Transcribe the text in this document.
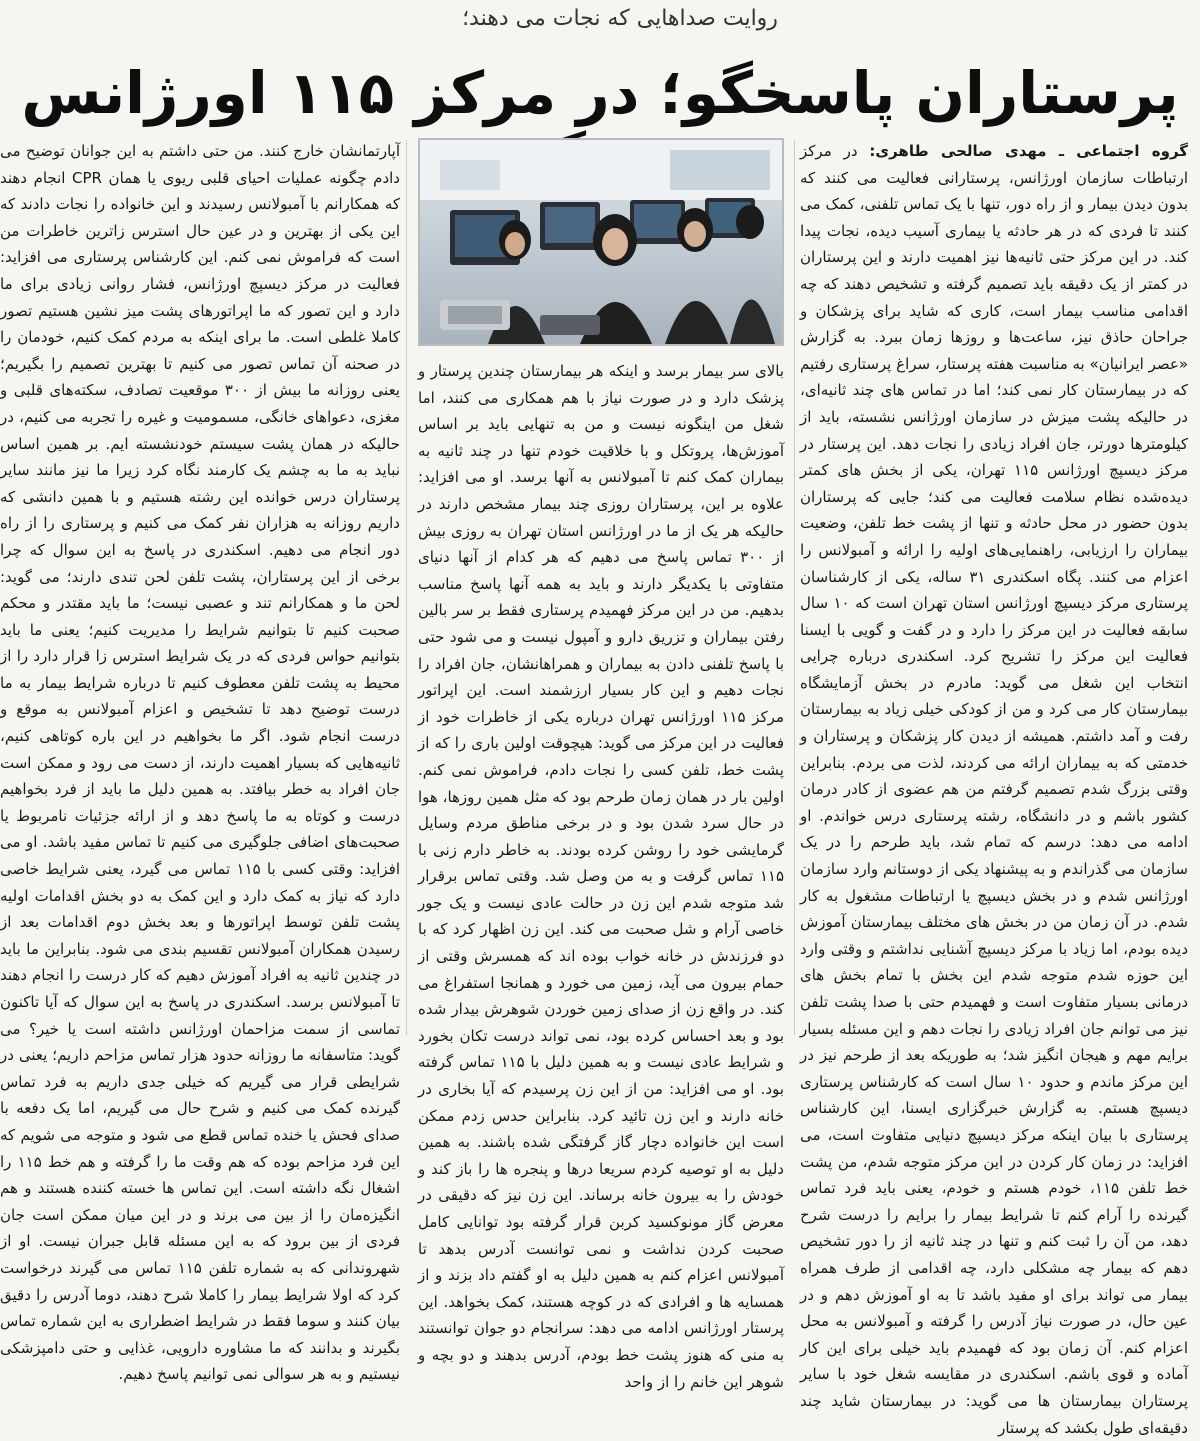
روایت صداهایی که نجات می دهند؛
پرستاران پاسخگو؛ در مرکز ۱۱۵ اورژانس

گروه اجتماعی ـ مهدی صالحی طاهری: در مرکز ارتباطات سازمان اورژانس، پرستارانی فعالیت می کنند که بدون دیدن بیمار و از راه دور، تنها با یک تماس تلفنی، کمک می کنند تا فردی که در هر حادثه یا بیماری آسیب دیده، نجات پیدا کند. در این مرکز حتی ثانیه‌ها نیز اهمیت دارند و این پرستاران در کمتر از یک دقیقه باید تصمیم گرفته و تشخیص دهند که چه اقدامی مناسب بیمار است، کاری که شاید برای پزشکان و جراحان حاذق نیز، ساعت‌ها و روزها زمان ببرد. به گزارش «عصر ایرانیان» به مناسبت هفته پرستار، سراغ پرستاری رفتیم که در بیمارستان کار نمی کند؛ اما در تماس های چند ثانیه‌ای، در حالیکه پشت میزش در سازمان اورژانس نشسته، باید از کیلومترها دورتر، جان افراد زیادی را نجات دهد. این پرستار در مرکز دیسپچ اورژانس ۱۱۵ تهران، یکی از بخش های کمتر دیده‌شده نظام سلامت فعالیت می کند؛ جایی که پرستاران بدون حضور در محل حادثه و تنها از پشت خط تلفن، وضعیت بیماران را ارزیابی، راهنمایی‌های اولیه را ارائه و آمبولانس را اعزام می کنند. پگاه اسکندری ۳۱ ساله، یکی از کارشناسان پرستاری مرکز دیسپچ اورژانس استان تهران است که ۱۰ سال سابقه فعالیت در این مرکز را دارد و در گفت و گویی با ایسنا فعالیت این مرکز را تشریح کرد. اسکندری درباره چرایی انتخاب این شغل می گوید: مادرم در بخش آزمایشگاه بیمارستان کار می کرد و من از کودکی خیلی زیاد به بیمارستان رفت و آمد داشتم. همیشه از دیدن کار پزشکان و پرستاران و خدمتی که به بیماران ارائه می کردند، لذت می بردم. بنابراین وقتی بزرگ شدم تصمیم گرفتم من هم عضوی از کادر درمان کشور باشم و در دانشگاه، رشته پرستاری درس خواندم. او ادامه می دهد: درسم که تمام شد، باید طرحم را در یک سازمان می گذراندم و به پیشنهاد یکی از دوستانم وارد سازمان اورژانس شدم و در بخش دیسپچ یا ارتباطات مشغول به کار شدم. در آن زمان من در بخش های مختلف بیمارستان آموزش دیده بودم، اما زیاد با مرکز دیسپچ آشنایی نداشتم و وقتی وارد این حوزه شدم متوجه شدم این بخش با تمام بخش های درمانی بسیار متفاوت است و فهمیدم حتی با صدا پشت تلفن نیز می توانم جان افراد زیادی را نجات دهم و این مسئله بسیار برایم مهم و هیجان انگیز شد؛ به طوریکه بعد از طرحم نیز در این مرکز ماندم و حدود ۱۰ سال است که کارشناس پرستاری دیسپچ هستم. به گزارش خبرگزاری ایسنا، این کارشناس پرستاری با بیان اینکه مرکز دیسپچ دنیایی متفاوت است، می افزاید: در زمان کار کردن در این مرکز متوجه شدم، من پشت خط تلفن ۱۱۵، خودم هستم و خودم، یعنی باید فرد تماس گیرنده را آرام کنم تا شرایط بیمار را برایم را درست شرح دهد، من آن را ثبت کنم و تنها در چند ثانیه از را دور تشخیص دهم که بیمار چه مشکلی دارد، چه اقدامی از طرف همراه بیمار می تواند برای او مفید باشد تا به او آموزش دهم و در عین حال، در صورت نیاز آدرس را گرفته و آمبولانس به محل اعزام کنم. آن زمان بود که فهمیدم باید خیلی برای این کار آماده و قوی باشم. اسکندری در مقایسه شغل خود با سایر پرستاران بیمارستان ها می گوید: در بیمارستان شاید چند دقیقه‌ای طول بکشد که پرستار

بالای سر بیمار برسد و اینکه هر بیمارستان چندین پرستار و پزشک دارد و در صورت نیاز با هم همکاری می کنند، اما شغل من اینگونه نیست و من به تنهایی باید بر اساس آموزش‌ها، پروتکل و با خلاقیت خودم تنها در چند ثانیه به بیماران کمک کنم تا آمبولانس به آنها برسد. او می افزاید: علاوه بر این، پرستاران روزی چند بیمار مشخص دارند در حالیکه هر یک از ما در اورژانس استان تهران به روزی بیش از ۳۰۰ تماس پاسخ می دهیم که هر کدام از آنها دنیای متفاوتی با یکدیگر دارند و باید به همه آنها پاسخ مناسب بدهیم. من در این مرکز فهمیدم پرستاری فقط بر سر بالین رفتن بیماران و تزریق دارو و آمپول نیست و می شود حتی با پاسخ تلفنی دادن به بیماران و همراهانشان، جان افراد را نجات دهیم و این کار بسیار ارزشمند است. این اپراتور مرکز ۱۱۵ اورژانس تهران درباره یکی از خاطرات خود از فعالیت در این مرکز می گوید: هیچوقت اولین باری را که از پشت خط، تلفن کسی را نجات دادم، فراموش نمی کنم. اولین بار در همان زمان طرحم بود که مثل همین روزها، هوا در حال سرد شدن بود و در برخی مناطق مردم وسایل گرمایشی خود را روشن کرده بودند. به خاطر دارم زنی با ۱۱۵ تماس گرفت و به من وصل شد. وقتی تماس برقرار شد متوجه شدم این زن در حالت عادی نیست و یک جور خاصی آرام و شل صحبت می کند. این زن اظهار کرد که با دو فرزندش در خانه خواب بوده اند که همسرش وقتی از حمام بیرون می آید، زمین می خورد و همانجا استفراغ می کند. در واقع زن از صدای زمین خوردن شوهرش بیدار شده بود و بعد احساس کرده بود، نمی تواند درست تکان بخورد و شرایط عادی نیست و به همین دلیل با ۱۱۵ تماس گرفته بود. او می افزاید: من از این زن پرسیدم که آیا بخاری در خانه دارند و این زن تائید کرد. بنابراین حدس زدم ممکن است این خانواده دچار گاز گرفتگی شده باشند. به همین دلیل به او توصیه کردم سریعا درها و پنجره ها را باز کند و خودش را به بیرون خانه برساند. این زن نیز که دقیقی در معرض گاز مونوکسید کربن قرار گرفته بود توانایی کامل صحبت کردن نداشت و نمی توانست آدرس بدهد تا آمبولانس اعزام کنم به همین دلیل به او گفتم داد بزند و از همسایه ها و افرادی که در کوچه هستند، کمک بخواهد. این پرستار اورژانس ادامه می دهد: سرانجام دو جوان توانستند به منی که هنوز پشت خط بودم، آدرس بدهند و دو بچه و شوهر این خانم را از واحد

آپارتمانشان خارج کنند. من حتی داشتم به این جوانان توضیح می دادم چگونه عملیات احیای قلبی ریوی یا همان CPR انجام دهند که همکارانم با آمبولانس رسیدند و این خانواده را نجات دادند که این یکی از بهترین و در عین حال استرس زاترین خاطرات من است که فراموش نمی کنم. این کارشناس پرستاری می افزاید: فعالیت در مرکز دیسپچ اورژانس، فشار روانی زیادی برای ما دارد و این تصور که ما اپراتورهای پشت میز نشین هستیم تصور کاملا غلطی است. ما برای اینکه به مردم کمک کنیم، خودمان را در صحنه آن تماس تصور می کنیم تا بهترین تصمیم را بگیریم؛ یعنی روزانه ما بیش از ۳۰۰ موقعیت تصادف، سکته‌های قلبی و مغزی، دعواهای خانگی، مسمومیت و غیره را تجربه می کنیم، در حالیکه در همان پشت سیستم خودنشسته ایم. بر همین اساس نباید به ما به چشم یک کارمند نگاه کرد زیرا ما نیز مانند سایر پرستاران درس خوانده این رشته هستیم و با همین دانشی که داریم روزانه به هزاران نفر کمک می کنیم و پرستاری را از راه دور انجام می دهیم. اسکندری در پاسخ به این سوال که چرا برخی از این پرستاران، پشت تلفن لحن تندی دارند؛ می گوید: لحن ما و همکارانم تند و عصبی نیست؛ ما باید مقتدر و محکم صحبت کنیم تا بتوانیم شرایط را مدیریت کنیم؛ یعنی ما باید بتوانیم حواس فردی که در یک شرایط استرس زا قرار دارد را از محیط به پشت تلفن معطوف کنیم تا درباره شرایط بیمار به ما درست توضیح دهد تا تشخیص و اعزام آمبولانس به موقع و درست انجام شود. اگر ما بخواهیم در این باره کوتاهی کنیم، ثانیه‌هایی که بسیار اهمیت دارند، از دست می رود و ممکن است جان افراد به خطر بیافتد. به همین دلیل ما باید از فرد بخواهیم درست و کوتاه به ما پاسخ دهد و از ارائه جزئیات نامربوط یا صحبت‌های اضافی جلوگیری می کنیم تا تماس مفید باشد. او می افزاید: وقتی کسی با ۱۱۵ تماس می گیرد، یعنی شرایط خاصی دارد که نیاز به کمک دارد و این کمک به دو بخش اقدامات اولیه پشت تلفن توسط اپراتورها و بعد بخش دوم اقدامات بعد از رسیدن همکاران آمبولانس تقسیم بندی می شود. بنابراین ما باید در چندین ثانیه به افراد آموزش دهیم که کار درست را انجام دهند تا آمبولانس برسد. اسکندری در پاسخ به این سوال که آیا تاکنون تماسی از سمت مزاحمان اورژانس داشته است یا خیر؟ می گوید: متاسفانه ما روزانه حدود هزار تماس مزاحم داریم؛ یعنی در شرایطی قرار می گیریم که خیلی جدی داریم به فرد تماس گیرنده کمک می کنیم و شرح حال می گیریم، اما یک دفعه با صدای فحش یا خنده تماس قطع می شود و متوجه می شویم که این فرد مزاحم بوده که هم وقت ما را گرفته و هم خط ۱۱۵ را اشغال نگه داشته است. این تماس ها خسته کننده هستند و هم انگیزه‌مان را از بین می برند و در این میان ممکن است جان فردی از بین برود که به این مسئله قابل جبران نیست. او از شهروندانی که به شماره تلفن ۱۱۵ تماس می گیرند درخواست کرد که اولا شرایط بیمار را کاملا شرح دهند، دوما آدرس را دقیق بیان کنند و سوما فقط در شرایط اضطراری به این شماره تماس بگیرند و بدانند که ما مشاوره دارویی، غذایی و حتی دامپزشکی نیستیم و به هر سوالی نمی توانیم پاسخ دهیم.
